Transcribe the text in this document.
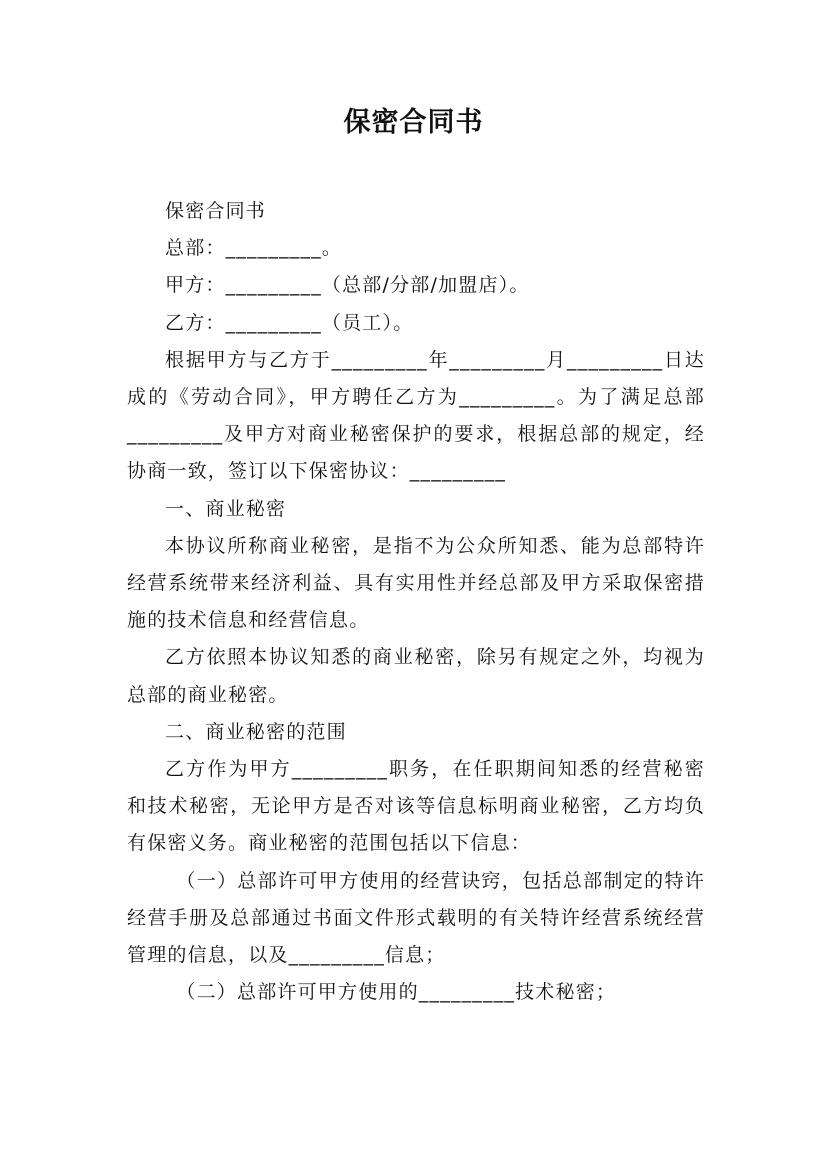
保密合同书

保密合同书

总部：_________。

甲方：_________（总部/分部/加盟店）。

乙方：_________（员工）。

根据甲方与乙方于_________年_________月_________日达成的《劳动合同》，甲方聘任乙方为_________。为了满足总部_________及甲方对商业秘密保护的要求，根据总部的规定，经协商一致，签订以下保密协议：_________

一、商业秘密

本协议所称商业秘密，是指不为公众所知悉、能为总部特许经营系统带来经济利益、具有实用性并经总部及甲方采取保密措施的技术信息和经营信息。

乙方依照本协议知悉的商业秘密，除另有规定之外，均视为总部的商业秘密。

二、商业秘密的范围

乙方作为甲方_________职务，在任职期间知悉的经营秘密和技术秘密，无论甲方是否对该等信息标明商业秘密，乙方均负有保密义务。商业秘密的范围包括以下信息：

（一）总部许可甲方使用的经营诀窍，包括总部制定的特许经营手册及总部通过书面文件形式载明的有关特许经营系统经营管理的信息，以及_________信息；

（二）总部许可甲方使用的_________技术秘密；
